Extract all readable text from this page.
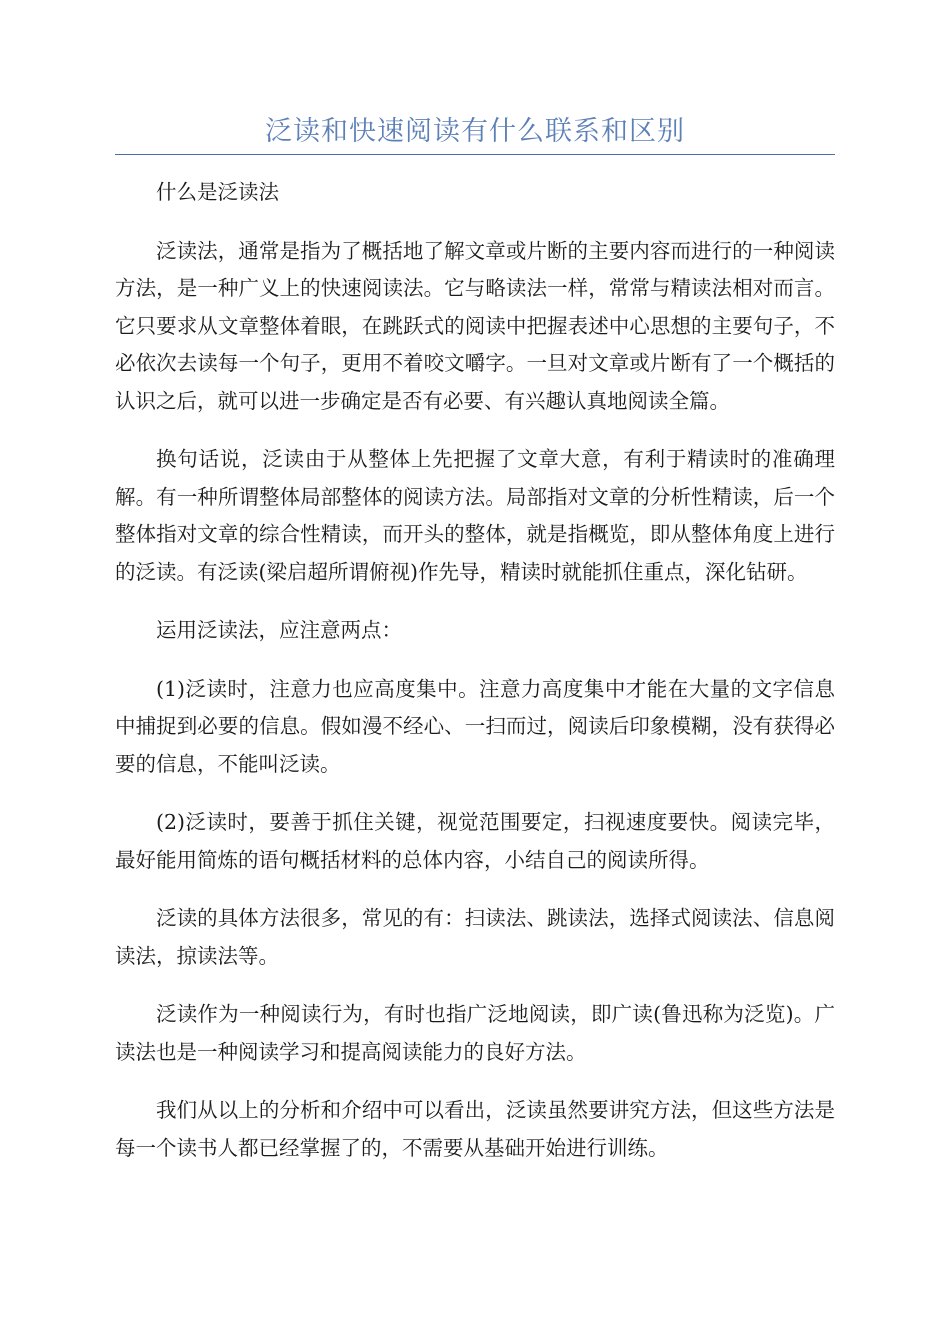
泛读和快速阅读有什么联系和区别

什么是泛读法

泛读法，通常是指为了概括地了解文章或片断的主要内容而进行的一种阅读方法，是一种广义上的快速阅读法。它与略读法一样，常常与精读法相对而言。它只要求从文章整体着眼，在跳跃式的阅读中把握表述中心思想的主要句子，不必依次去读每一个句子，更用不着咬文嚼字。一旦对文章或片断有了一个概括的认识之后，就可以进一步确定是否有必要、有兴趣认真地阅读全篇。

换句话说，泛读由于从整体上先把握了文章大意，有利于精读时的准确理解。有一种所谓整体局部整体的阅读方法。局部指对文章的分析性精读，后一个整体指对文章的综合性精读，而开头的整体，就是指概览，即从整体角度上进行的泛读。有泛读(梁启超所谓俯视)作先导，精读时就能抓住重点，深化钻研。

运用泛读法，应注意两点：

(1)泛读时，注意力也应高度集中。注意力高度集中才能在大量的文字信息中捕捉到必要的信息。假如漫不经心、一扫而过，阅读后印象模糊，没有获得必要的信息，不能叫泛读。

(2)泛读时，要善于抓住关键，视觉范围要定，扫视速度要快。阅读完毕，最好能用简炼的语句概括材料的总体内容，小结自己的阅读所得。

泛读的具体方法很多，常见的有：扫读法、跳读法，选择式阅读法、信息阅读法，掠读法等。

泛读作为一种阅读行为，有时也指广泛地阅读，即广读(鲁迅称为泛览)。广读法也是一种阅读学习和提高阅读能力的良好方法。

我们从以上的分析和介绍中可以看出，泛读虽然要讲究方法，但这些方法是每一个读书人都已经掌握了的，不需要从基础开始进行训练。
